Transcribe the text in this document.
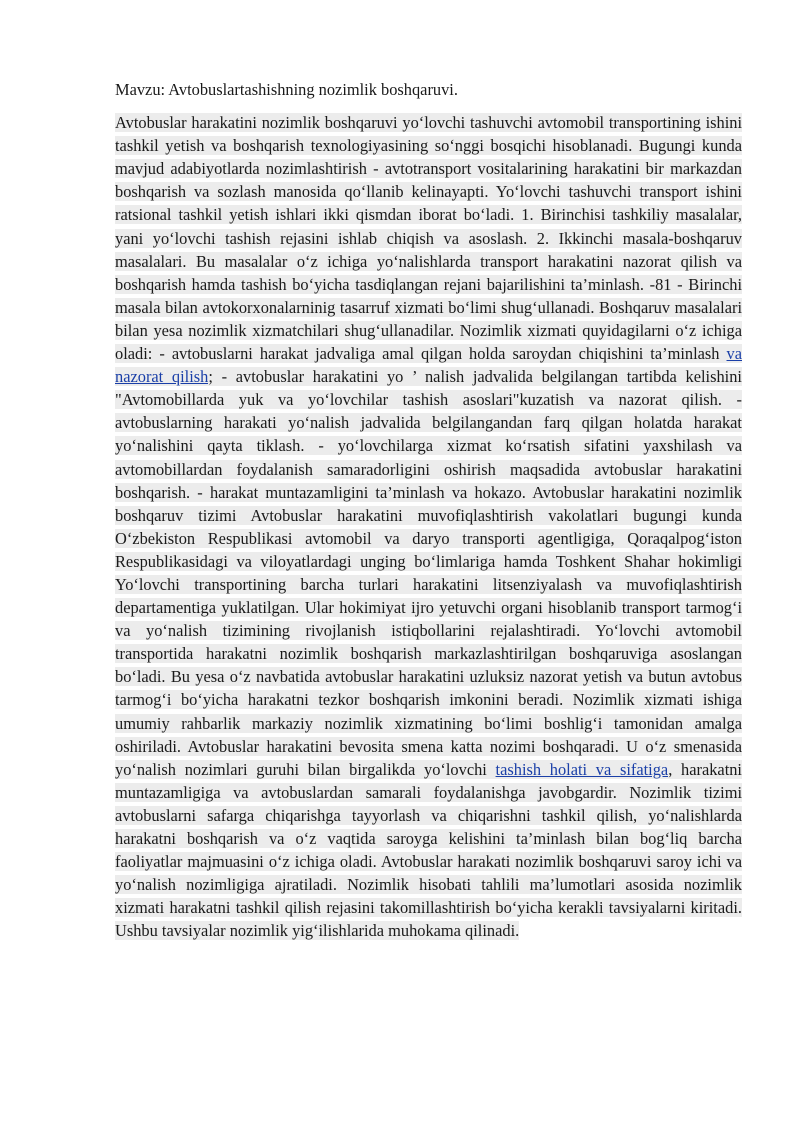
Mavzu: Avtobuslartashishning nozimlik boshqaruvi.

Avtobuslar harakatini nozimlik boshqaruvi yo‘lovchi tashuvchi avtomobil transportining ishini tashkil yetish va boshqarish texnologiyasining so‘nggi bosqichi hisoblanadi. Bugungi kunda mavjud adabiyotlarda nozimlashtirish - avtotransport vositalarining harakatini bir markazdan boshqarish va sozlash manosida qo‘llanib kelinayapti. Yo‘lovchi tashuvchi transport ishini ratsional tashkil yetish ishlari ikki qismdan iborat bo‘ladi. 1. Birinchisi tashkiliy masalalar, yani yo‘lovchi tashish rejasini ishlab chiqish va asoslash. 2. Ikkinchi masala-boshqaruv masalalari. Bu masalalar o‘z ichiga yo‘nalishlarda transport harakatini nazorat qilish va boshqarish hamda tashish bo‘yicha tasdiqlangan rejani bajarilishini ta’minlash. -81 - Birinchi masala bilan avtokorxonalarninig tasarruf xizmati bo‘limi shug‘ullanadi. Boshqaruv masalalari bilan yesa nozimlik xizmatchilari shug‘ullanadilar. Nozimlik xizmati quyidagilarni o‘z ichiga oladi: - avtobuslarni harakat jadvaliga amal qilgan holda saroydan chiqishini ta’minlash va nazorat qilish; - avtobuslar harakatini yo ’ nalish jadvalida belgilangan tartibda kelishini "Avtomobillarda yuk va yo‘lovchilar tashish asoslari"kuzatish va nazorat qilish. - avtobuslarning harakati yo‘nalish jadvalida belgilangandan farq qilgan holatda harakat yo‘nalishini qayta tiklash. - yo‘lovchilarga xizmat ko‘rsatish sifatini yaxshilash va avtomobillardan foydalanish samaradorligini oshirish maqsadida avtobuslar harakatini boshqarish. - harakat muntazamligini ta’minlash va hokazo. Avtobuslar harakatini nozimlik boshqaruv tizimi Avtobuslar harakatini muvofiqlashtirish vakolatlari bugungi kunda O‘zbekiston Respublikasi avtomobil va daryo transporti agentligiga, Qoraqalpog‘iston Respublikasidagi va viloyatlardagi unging bo‘limlariga hamda Toshkent Shahar hokimligi Yo‘lovchi transportining barcha turlari harakatini litsenziyalash va muvofiqlashtirish departamentiga yuklatilgan. Ular hokimiyat ijro yetuvchi organi hisoblanib transport tarmog‘i va yo‘nalish tizimining rivojlanish istiqbollarini rejalashtiradi. Yo‘lovchi avtomobil transportida harakatni nozimlik boshqarish markazlashtirilgan boshqaruviga asoslangan bo‘ladi. Bu yesa o‘z navbatida avtobuslar harakatini uzluksiz nazorat yetish va butun avtobus tarmog‘i bo‘yicha harakatni tezkor boshqarish imkonini beradi. Nozimlik xizmati ishiga umumiy rahbarlik markaziy nozimlik xizmatining bo‘limi boshlig‘i tamonidan amalga oshiriladi. Avtobuslar harakatini bevosita smena katta nozimi boshqaradi. U o‘z smenasida yo‘nalish nozimlari guruhi bilan birgalikda yo‘lovchi tashish holati va sifatiga, harakatni muntazamligiga va avtobuslardan samarali foydalanishga javobgardir. Nozimlik tizimi avtobuslarni safarga chiqarishga tayyorlash va chiqarishni tashkil qilish, yo‘nalishlarda harakatni boshqarish va o‘z vaqtida saroyga kelishini ta’minlash bilan bog‘liq barcha faoliyatlar majmuasini o‘z ichiga oladi. Avtobuslar harakati nozimlik boshqaruvi saroy ichi va yo‘nalish nozimligiga ajratiladi. Nozimlik hisobati tahlili ma’lumotlari asosida nozimlik xizmati harakatni tashkil qilish rejasini takomillashtirish bo‘yicha kerakli tavsiyalarni kiritadi. Ushbu tavsiyalar nozimlik yig‘ilishlarida muhokama qilinadi.
